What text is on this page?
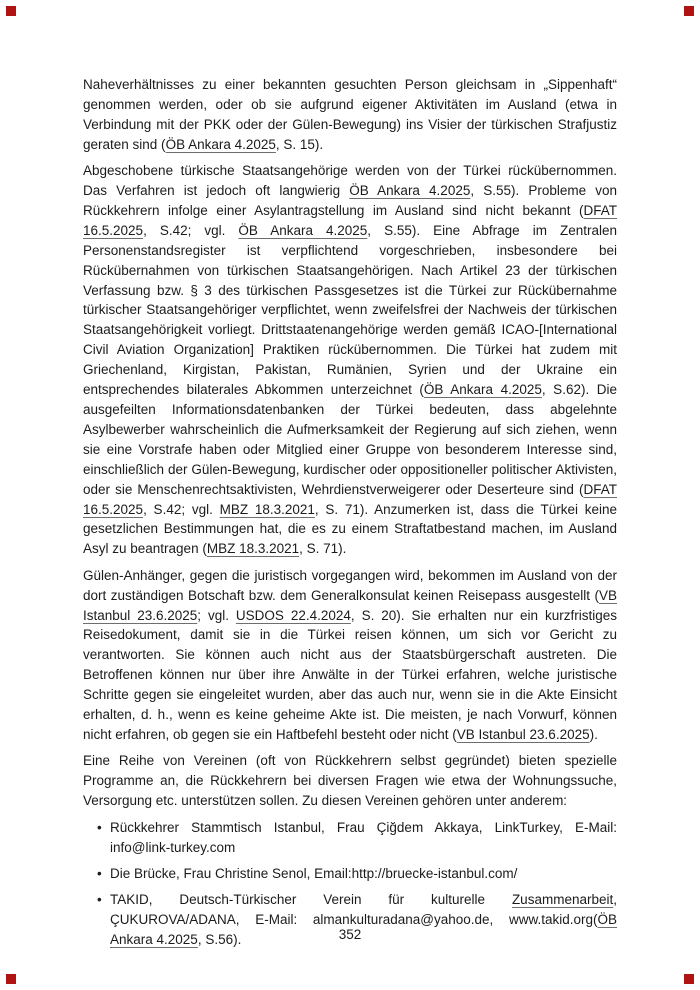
Naheverhältnisses zu einer bekannten gesuchten Person gleichsam in „Sippenhaft“ genommen werden, oder ob sie aufgrund eigener Aktivitäten im Ausland (etwa in Verbindung mit der PKK oder der Gülen-Bewegung) ins Visier der türkischen Strafjustiz geraten sind (ÖB Ankara 4.2025, S. 15).

Abgeschobene türkische Staatsangehörige werden von der Türkei rückübernommen. Das Verfahren ist jedoch oft langwierig ÖB Ankara 4.2025, S.55). Probleme von Rückkehrern infolge einer Asylantragstellung im Ausland sind nicht bekannt (DFAT 16.5.2025, S.42; vgl. ÖB Ankara 4.2025, S.55). Eine Abfrage im Zentralen Personenstandsregister ist verpflichtend vorgeschrieben, insbesondere bei Rückübernahmen von türkischen Staatsangehörigen. Nach Artikel 23 der türkischen Verfassung bzw. § 3 des türkischen Passgesetzes ist die Türkei zur Rückübernahme türkischer Staatsangehöriger verpflichtet, wenn zweifelsfrei der Nachweis der türkischen Staatsangehörigkeit vorliegt. Drittstaatenangehörige werden gemäß ICAO-[International Civil Aviation Organization] Praktiken rückübernommen. Die Türkei hat zudem mit Griechenland, Kirgistan, Pakistan, Rumänien, Syrien und der Ukraine ein entsprechendes bilaterales Abkommen unterzeichnet (ÖB Ankara 4.2025, S.62). Die ausgefeilten Informationsdatenbanken der Türkei bedeuten, dass abgelehnte Asylbewerber wahrscheinlich die Aufmerksamkeit der Regierung auf sich ziehen, wenn sie eine Vorstrafe haben oder Mitglied einer Gruppe von besonderem Interesse sind, einschließlich der Gülen-Bewegung, kurdischer oder oppositioneller politischer Aktivisten, oder sie Menschenrechtsaktivisten, Wehrdienstverweigerer oder Deserteure sind (DFAT 16.5.2025, S.42; vgl. MBZ 18.3.2021, S. 71). Anzumerken ist, dass die Türkei keine gesetzlichen Bestimmungen hat, die es zu einem Straftatbestand machen, im Ausland Asyl zu beantragen (MBZ 18.3.2021, S. 71).

Gülen-Anhänger, gegen die juristisch vorgegangen wird, bekommen im Ausland von der dort zuständigen Botschaft bzw. dem Generalkonsulat keinen Reisepass ausgestellt (VB Istanbul 23.6.2025; vgl. USDOS 22.4.2024, S. 20). Sie erhalten nur ein kurzfristiges Reisedokument, damit sie in die Türkei reisen können, um sich vor Gericht zu verantworten. Sie können auch nicht aus der Staatsbürgerschaft austreten. Die Betroffenen können nur über ihre Anwälte in der Türkei erfahren, welche juristische Schritte gegen sie eingeleitet wurden, aber das auch nur, wenn sie in die Akte Einsicht erhalten, d. h., wenn es keine geheime Akte ist. Die meisten, je nach Vorwurf, können nicht erfahren, ob gegen sie ein Haftbefehl besteht oder nicht (VB Istanbul 23.6.2025).

Eine Reihe von Vereinen (oft von Rückkehrern selbst gegründet) bieten spezielle Programme an, die Rückkehrern bei diversen Fragen wie etwa der Wohnungssuche, Versorgung etc. unterstützen sollen. Zu diesen Vereinen gehören unter anderem:

• Rückkehrer Stammtisch Istanbul, Frau Çiğdem Akkaya, LinkTurkey, E-Mail: info@link-turkey.com
• Die Brücke, Frau Christine Senol, Email:http://bruecke-istanbul.com/
• TAKID, Deutsch-Türkischer Verein für kulturelle Zusammenarbeit, ÇUKUROVA/ADANA, E-Mail: almankulturadana@yahoo.de, www.takid.org(ÖB Ankara 4.2025, S.56).	352
